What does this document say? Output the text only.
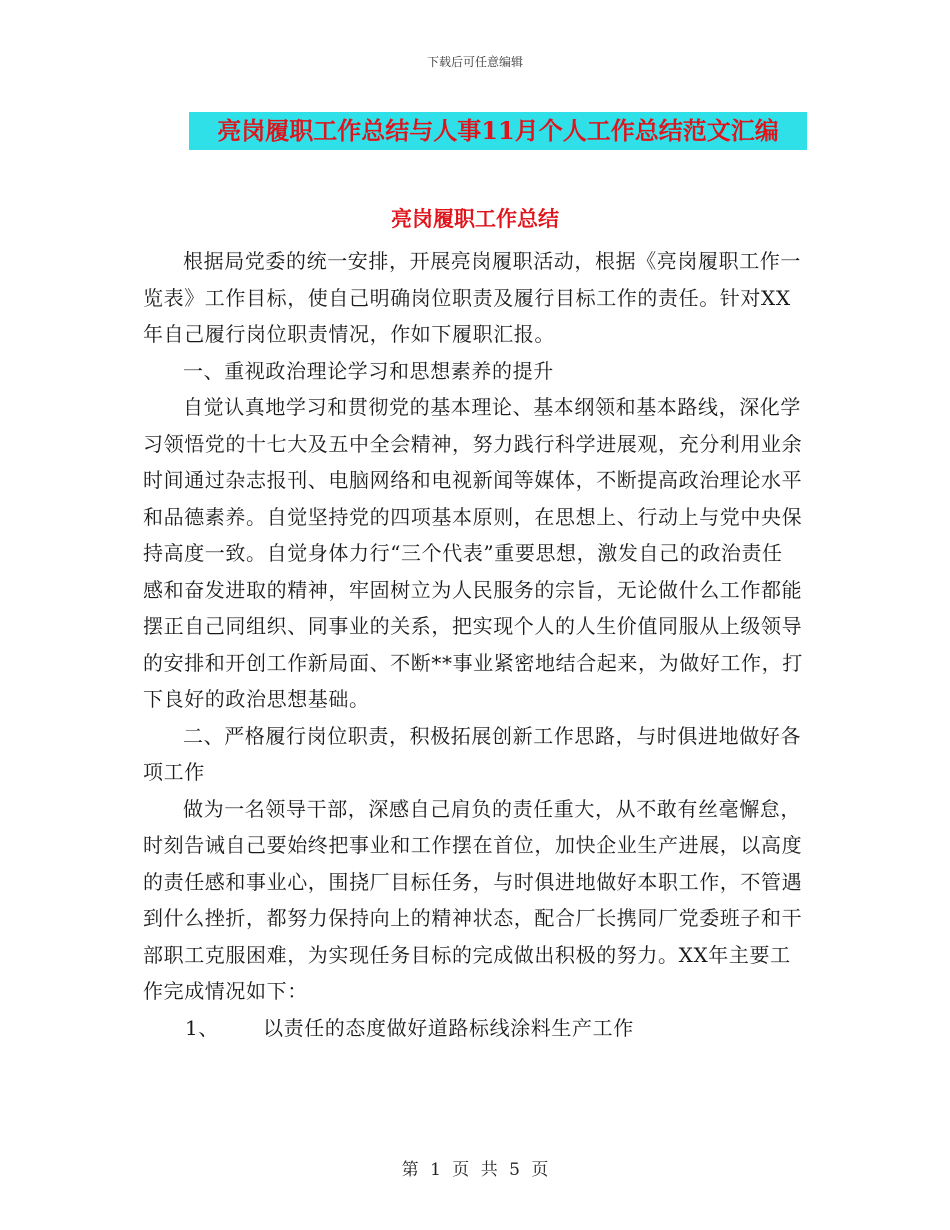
下载后可任意编辑
亮岗履职工作总结与人事11月个人工作总结范文汇编
亮岗履职工作总结

根据局党委的统一安排，开展亮岗履职活动，根据《亮岗履职工作一览表》工作目标，使自己明确岗位职责及履行目标工作的责任。针对XX年自己履行岗位职责情况，作如下履职汇报。

一、重视政治理论学习和思想素养的提升

自觉认真地学习和贯彻党的基本理论、基本纲领和基本路线，深化学习领悟党的十七大及五中全会精神，努力践行科学进展观，充分利用业余时间通过杂志报刊、电脑网络和电视新闻等媒体，不断提高政治理论水平和品德素养。自觉坚持党的四项基本原则，在思想上、行动上与党中央保持高度一致。自觉身体力行“三个代表”重要思想，激发自己的政治责任感和奋发进取的精神，牢固树立为人民服务的宗旨，无论做什么工作都能摆正自己同组织、同事业的关系，把实现个人的人生价值同服从上级领导的安排和开创工作新局面、不断**事业紧密地结合起来，为做好工作，打下良好的政治思想基础。

二、严格履行岗位职责，积极拓展创新工作思路，与时俱进地做好各项工作

做为一名领导干部，深感自己肩负的责任重大，从不敢有丝毫懈怠，时刻告诫自己要始终把事业和工作摆在首位，加快企业生产进展，以高度的责任感和事业心，围挠厂目标任务，与时俱进地做好本职工作，不管遇到什么挫折，都努力保持向上的精神状态，配合厂长携同厂党委班子和干部职工克服困难，为实现任务目标的完成做出积极的努力。XX年主要工作完成情况如下：

1、 以责任的态度做好道路标线涂料生产工作

第 1 页 共 5 页
